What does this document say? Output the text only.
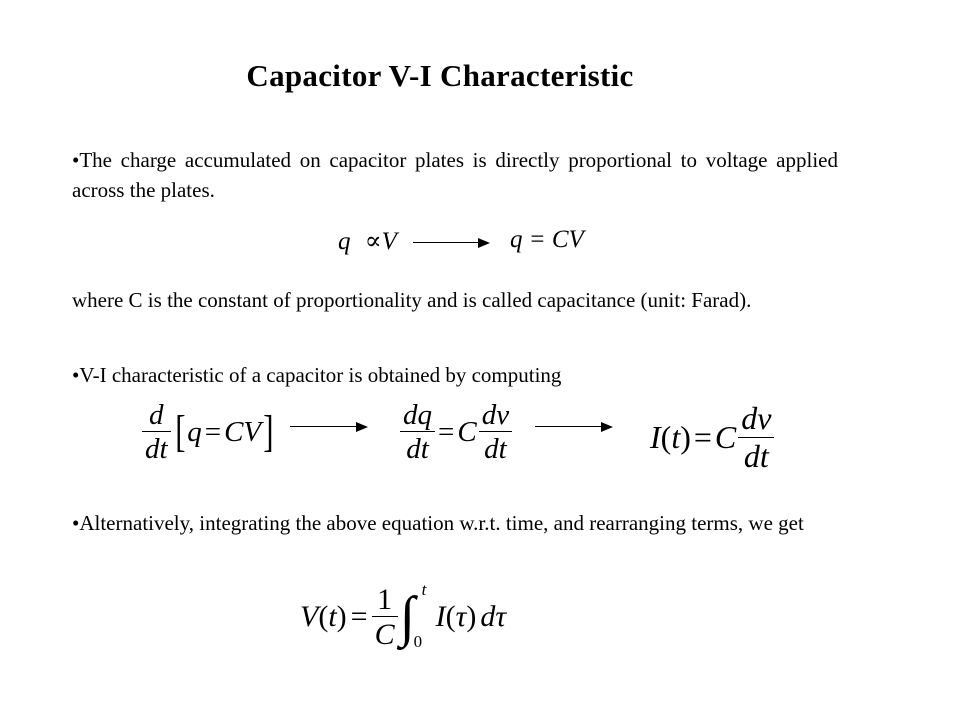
Capacitor V-I Characteristic
•The charge accumulated on capacitor plates is directly proportional to voltage applied across the plates.
q ∝V	q = CV
where C is the constant of proportionality and is called capacitance (unit: Farad).
•V-I characteristic of a capacitor is obtained by computing
$\frac{d}{dt}$ [ q = CV ]	$\frac{dq}{dt} = C \frac{dv}{dt}$	I ( t ) = C $\frac{dv}{dt}$
•Alternatively, integrating the above equation w.r.t. time, and rearranging terms, we get
V ( t ) = $\frac{1}{C}$ ∫ t
0
I ( τ ) dτ
